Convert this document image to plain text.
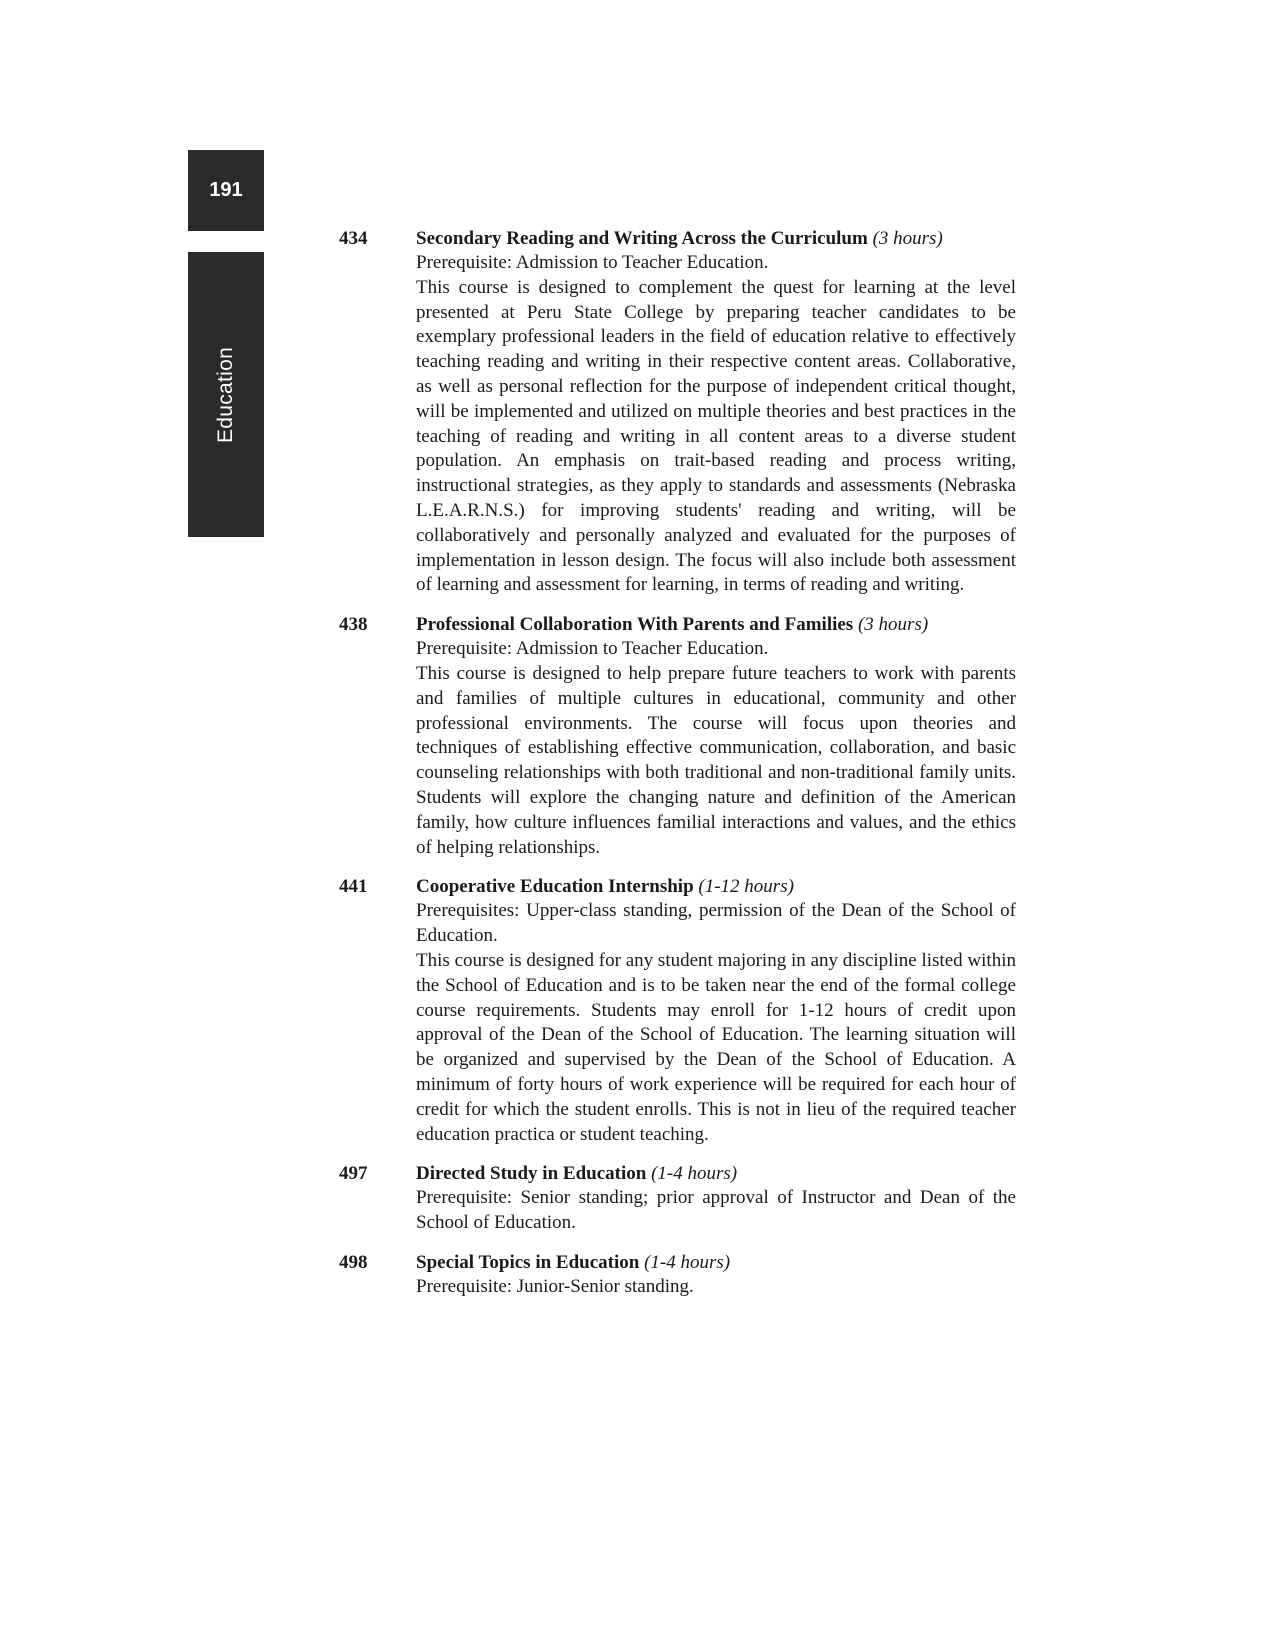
191
Education
434	Secondary Reading and Writing Across the Curriculum (3 hours)
Prerequisite: Admission to Teacher Education.
This course is designed to complement the quest for learning at the level presented at Peru State College by preparing teacher candidates to be exemplary professional leaders in the field of education relative to effectively teaching reading and writing in their respective content areas. Collaborative, as well as personal reflection for the purpose of independent critical thought, will be implemented and utilized on multiple theories and best practices in the teaching of reading and writing in all content areas to a diverse student population. An emphasis on trait-based reading and process writing, instructional strategies, as they apply to standards and assessments (Nebraska L.E.A.R.N.S.) for improving students' reading and writing, will be collaboratively and personally analyzed and evaluated for the purposes of implementation in lesson design. The focus will also include both assessment of learning and assessment for learning, in terms of reading and writing.
438	Professional Collaboration With Parents and Families (3 hours)
Prerequisite: Admission to Teacher Education.
This course is designed to help prepare future teachers to work with parents and families of multiple cultures in educational, community and other professional environments. The course will focus upon theories and techniques of establishing effective communication, collaboration, and basic counseling relationships with both traditional and non-traditional family units. Students will explore the changing nature and definition of the American family, how culture influences familial interactions and values, and the ethics of helping relationships.
441	Cooperative Education Internship (1-12 hours)
Prerequisites: Upper-class standing, permission of the Dean of the School of Education.
This course is designed for any student majoring in any discipline listed within the School of Education and is to be taken near the end of the formal college course requirements. Students may enroll for 1-12 hours of credit upon approval of the Dean of the School of Education. The learning situation will be organized and supervised by the Dean of the School of Education. A minimum of forty hours of work experience will be required for each hour of credit for which the student enrolls. This is not in lieu of the required teacher education practica or student teaching.
497	Directed Study in Education (1-4 hours)
Prerequisite: Senior standing; prior approval of Instructor and Dean of the School of Education.
498	Special Topics in Education (1-4 hours)
Prerequisite: Junior-Senior standing.
